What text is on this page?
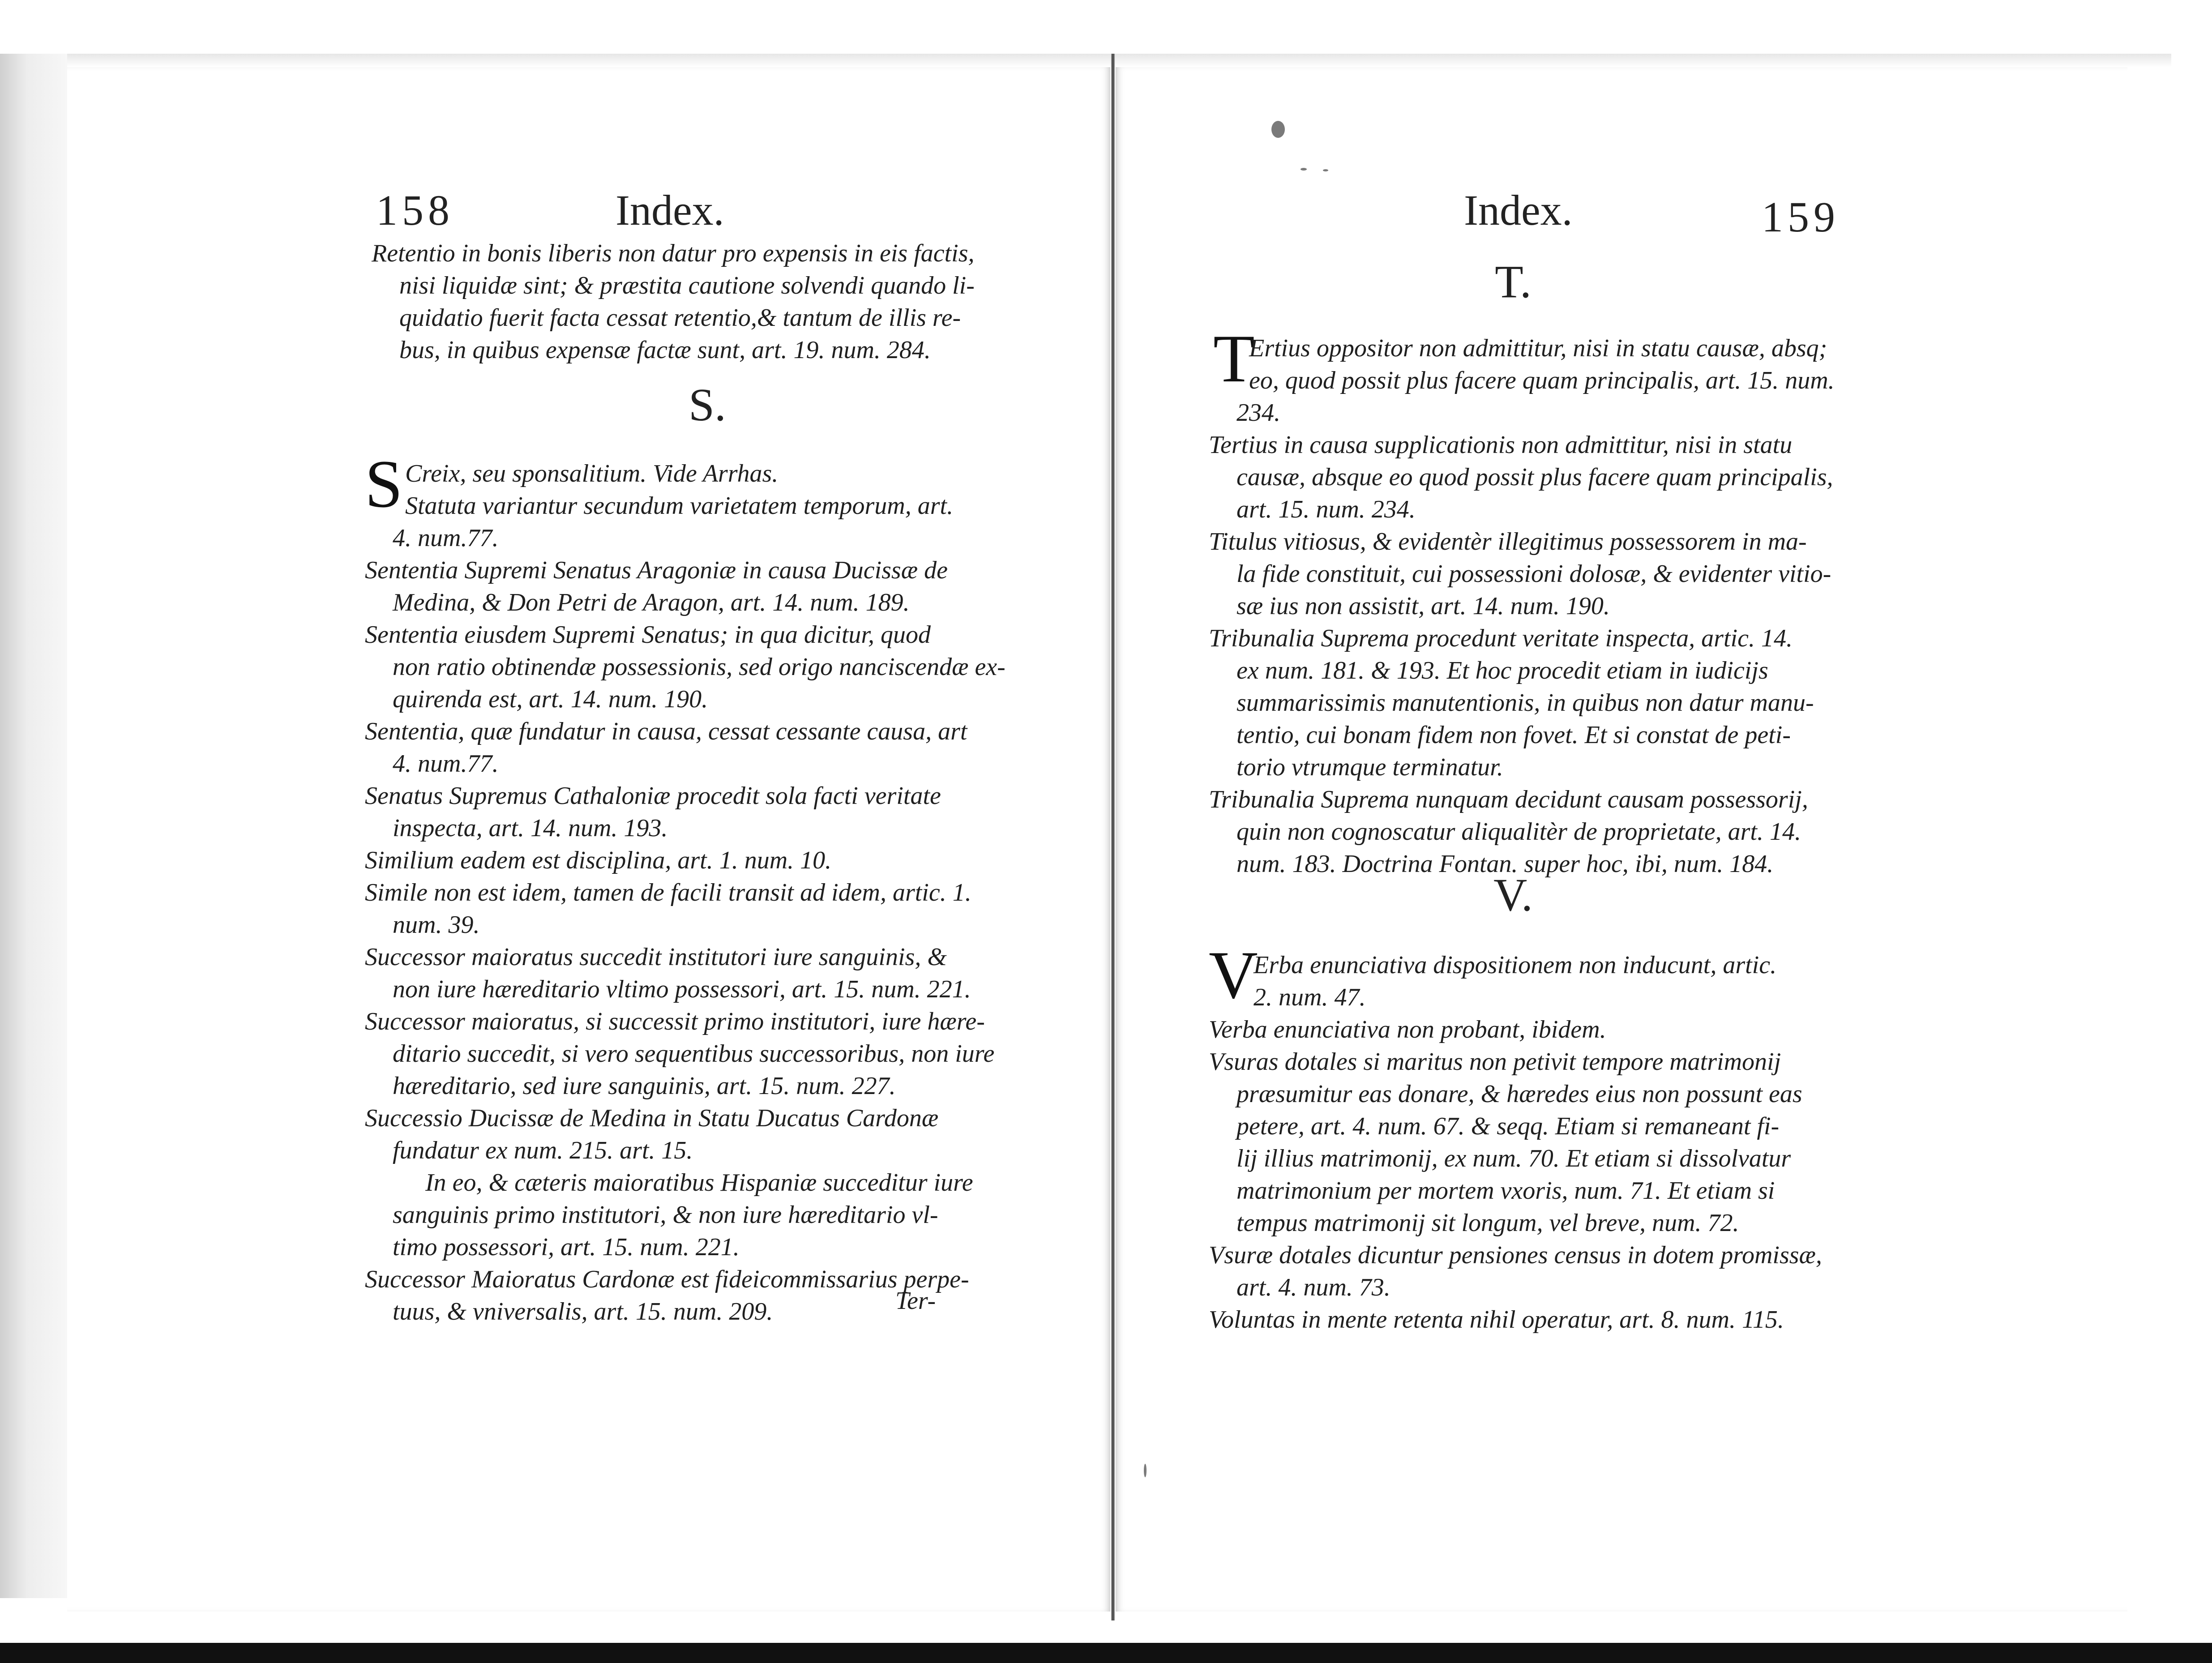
158	Index.
Retentio in bonis liberis non datur pro expensis in eis factis,
nisi liquidæ sint; & præstita cautione solvendi quando li-
quidatio fuerit facta cessat retentio,& tantum de illis re-
bus, in quibus expensæ factæ sunt, art. 19. num. 284.
S.
S Creix, seu sponsalitium. Vide Arrhas.
Statuta variantur secundum varietatem temporum, art.
4. num.77.
Sententia Supremi Senatus Aragoniæ in causa Ducissæ de
Medina, & Don Petri de Aragon, art. 14. num. 189.
Sententia eiusdem Supremi Senatus; in qua dicitur, quod
non ratio obtinendæ possessionis, sed origo nanciscendæ ex-
quirenda est, art. 14. num. 190.
Sententia, quæ fundatur in causa, cessat cessante causa, art
4. num.77.
Senatus Supremus Cathaloniæ procedit sola facti veritate
inspecta, art. 14. num. 193.
Similium eadem est disciplina, art. 1. num. 10.
Simile non est idem, tamen de facili transit ad idem, artic. 1.
num. 39.
Successor maioratus succedit institutori iure sanguinis, &
non iure hæreditario vltimo possessori, art. 15. num. 221.
Successor maioratus, si successit primo institutori, iure hære-
ditario succedit, si vero sequentibus successoribus, non iure
hæreditario, sed iure sanguinis, art. 15. num. 227.
Successio Ducissæ de Medina in Statu Ducatus Cardonæ
fundatur ex num. 215. art. 15.
In eo, & cæteris maioratibus Hispaniæ succeditur iure
sanguinis primo institutori, & non iure hæreditario vl-
timo possessori, art. 15. num. 221.
Successor Maioratus Cardonæ est fideicommissarius perpe-
tuus, & vniversalis, art. 15. num. 209.	Ter-
Index.	159
T.
T
Ertius oppositor non admittitur, nisi in statu causæ, absq;
eo, quod possit plus facere quam principalis, art. 15. num.
234.
Tertius in causa supplicationis non admittitur, nisi in statu
causæ, absque eo quod possit plus facere quam principalis,
art. 15. num. 234.
Titulus vitiosus, & evidentèr illegitimus possessorem in ma-
la fide constituit, cui possessioni dolosæ, & evidenter vitio-
sæ ius non assistit, art. 14. num. 190.
Tribunalia Suprema procedunt veritate inspecta, artic. 14.
ex num. 181. & 193. Et hoc procedit etiam in iudicijs
summarissimis manutentionis, in quibus non datur manu-
tentio, cui bonam fidem non fovet. Et si constat de peti-
torio vtrumque terminatur.
Tribunalia Suprema nunquam decidunt causam possessorij,
quin non cognoscatur aliqualitèr de proprietate, art. 14.
num. 183. Doctrina Fontan. super hoc, ibi, num. 184.
V.
V
Erba enunciativa dispositionem non inducunt, artic.
2. num. 47.
Verba enunciativa non probant, ibidem.
Vsuras dotales si maritus non petivit tempore matrimonij
præsumitur eas donare, & hæredes eius non possunt eas
petere, art. 4. num. 67. & seqq. Etiam si remaneant fi-
lij illius matrimonij, ex num. 70. Et etiam si dissolvatur
matrimonium per mortem vxoris, num. 71. Et etiam si
tempus matrimonij sit longum, vel breve, num. 72.
Vsuræ dotales dicuntur pensiones census in dotem promissæ,
art. 4. num. 73.
Voluntas in mente retenta nihil operatur, art. 8. num. 115.
